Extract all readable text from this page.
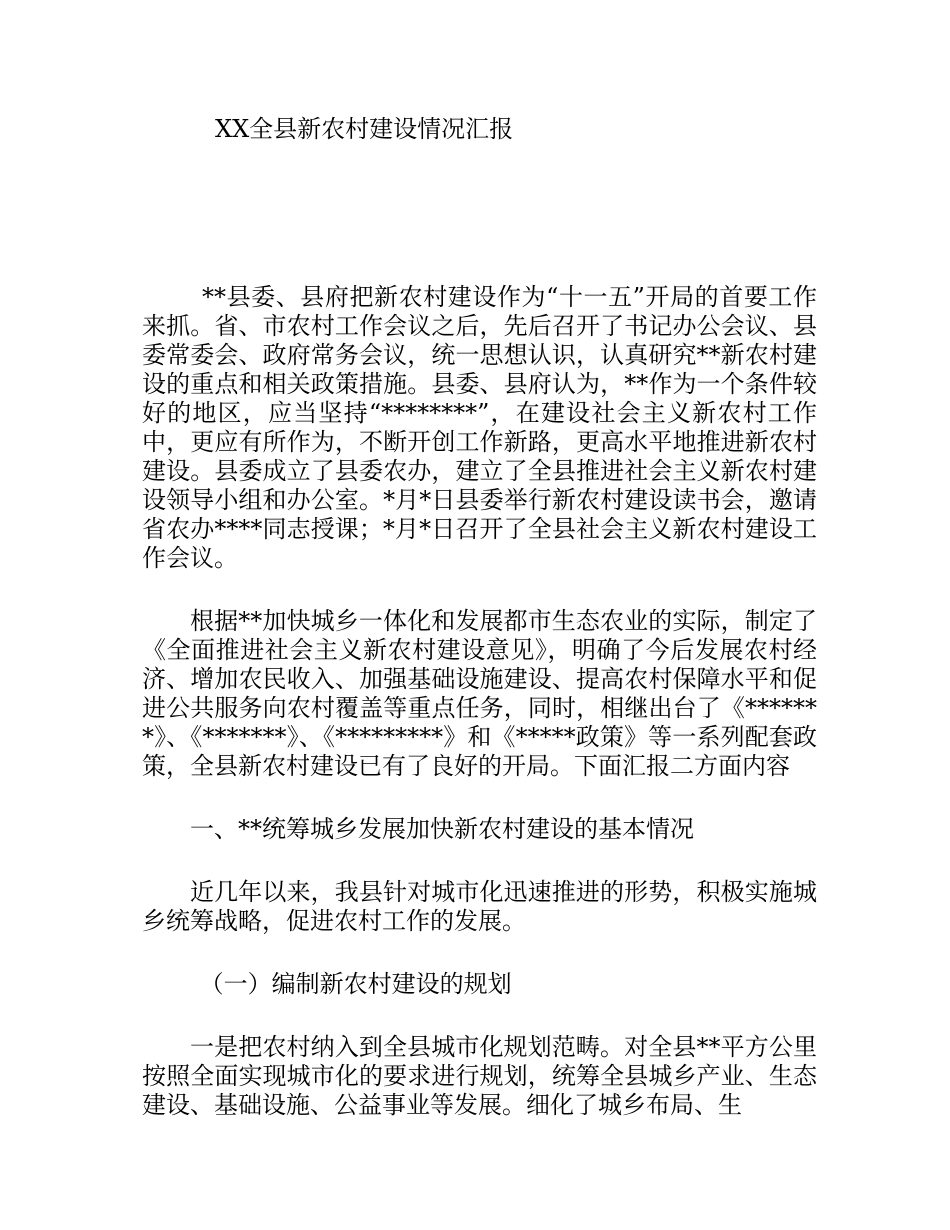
XX全县新农村建设情况汇报

**县委、县府把新农村建设作为“十一五”开局的首要工作来抓。省、市农村工作会议之后，先后召开了书记办公会议、县委常委会、政府常务会议，统一思想认识，认真研究**新农村建设的重点和相关政策措施。县委、县府认为，**作为一个条件较好的地区，应当坚持“********”，在建设社会主义新农村工作中，更应有所作为，不断开创工作新路，更高水平地推进新农村建设。县委成立了县委农办，建立了全县推进社会主义新农村建设领导小组和办公室。*月*日县委举行新农村建设读书会，邀请省农办****同志授课；*月*日召开了全县社会主义新农村建设工作会议。

根据**加快城乡一体化和发展都市生态农业的实际，制定了《全面推进社会主义新农村建设意见》，明确了今后发展农村经济、增加农民收入、加强基础设施建设、提高农村保障水平和促进公共服务向农村覆盖等重点任务，同时，相继出台了《*******》、《*******》、《*********》和《*****政策》等一系列配套政策，全县新农村建设已有了良好的开局。下面汇报二方面内容

一、**统筹城乡发展加快新农村建设的基本情况

近几年以来，我县针对城市化迅速推进的形势，积极实施城乡统筹战略，促进农村工作的发展。

（一）编制新农村建设的规划

一是把农村纳入到全县城市化规划范畴。对全县**平方公里按照全面实现城市化的要求进行规划，统筹全县城乡产业、生态建设、基础设施、公益事业等发展。细化了城乡布局、生
